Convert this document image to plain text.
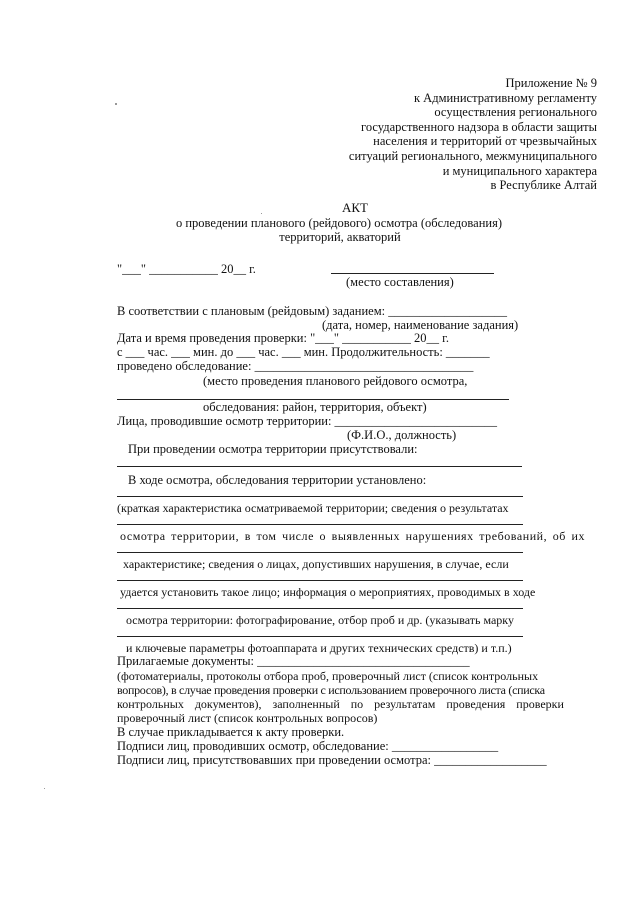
Приложение № 9
к Административному регламенту
осуществления регионального
государственного надзора в области защиты
населения и территорий от чрезвычайных
ситуаций регионального, межмуниципального
и муниципального характера
в Республике Алтай
АКТ
о проведении планового (рейдового) осмотра (обследования)
территорий, акваторий
"___" ___________ 20__ г.
(место составления)
В соответствии с плановым (рейдовым) заданием: ___________________
(дата, номер, наименование задания)
Дата и время проведения проверки: "___" ___________ 20__ г.
с ___ час. ___ мин. до ___ час. ___ мин. Продолжительность: _______
проведено обследование: ___________________________________
(место проведения планового рейдового осмотра,
обследования: район, территория, объект)
Лица, проводившие осмотр территории: __________________________
(Ф.И.О., должность)
При проведении осмотра территории присутствовали:
В ходе осмотра, обследования территории установлено:
(краткая характеристика осматриваемой территории; сведения о результатах
осмотра территории, в том числе о выявленных нарушениях требований, об их
характеристике; сведения о лицах, допустивших нарушения, в случае, если
удается установить такое лицо; информация о мероприятиях, проводимых в ходе
осмотра территории: фотографирование, отбор проб и др. (указывать марку
и ключевые параметры фотоаппарата и других технических средств) и т.п.)
Прилагаемые документы: __________________________________
(фотоматериалы, протоколы отбора проб, проверочный лист (список контрольных
вопросов), в случае проведения проверки с использованием проверочного листа (списка
контрольных документов), заполненный по результатам проведения проверки
проверочный лист (список контрольных вопросов)
В случае прикладывается к акту проверки.
Подписи лиц, проводивших осмотр, обследование: _________________
Подписи лиц, присутствовавших при проведении осмотра: __________________
